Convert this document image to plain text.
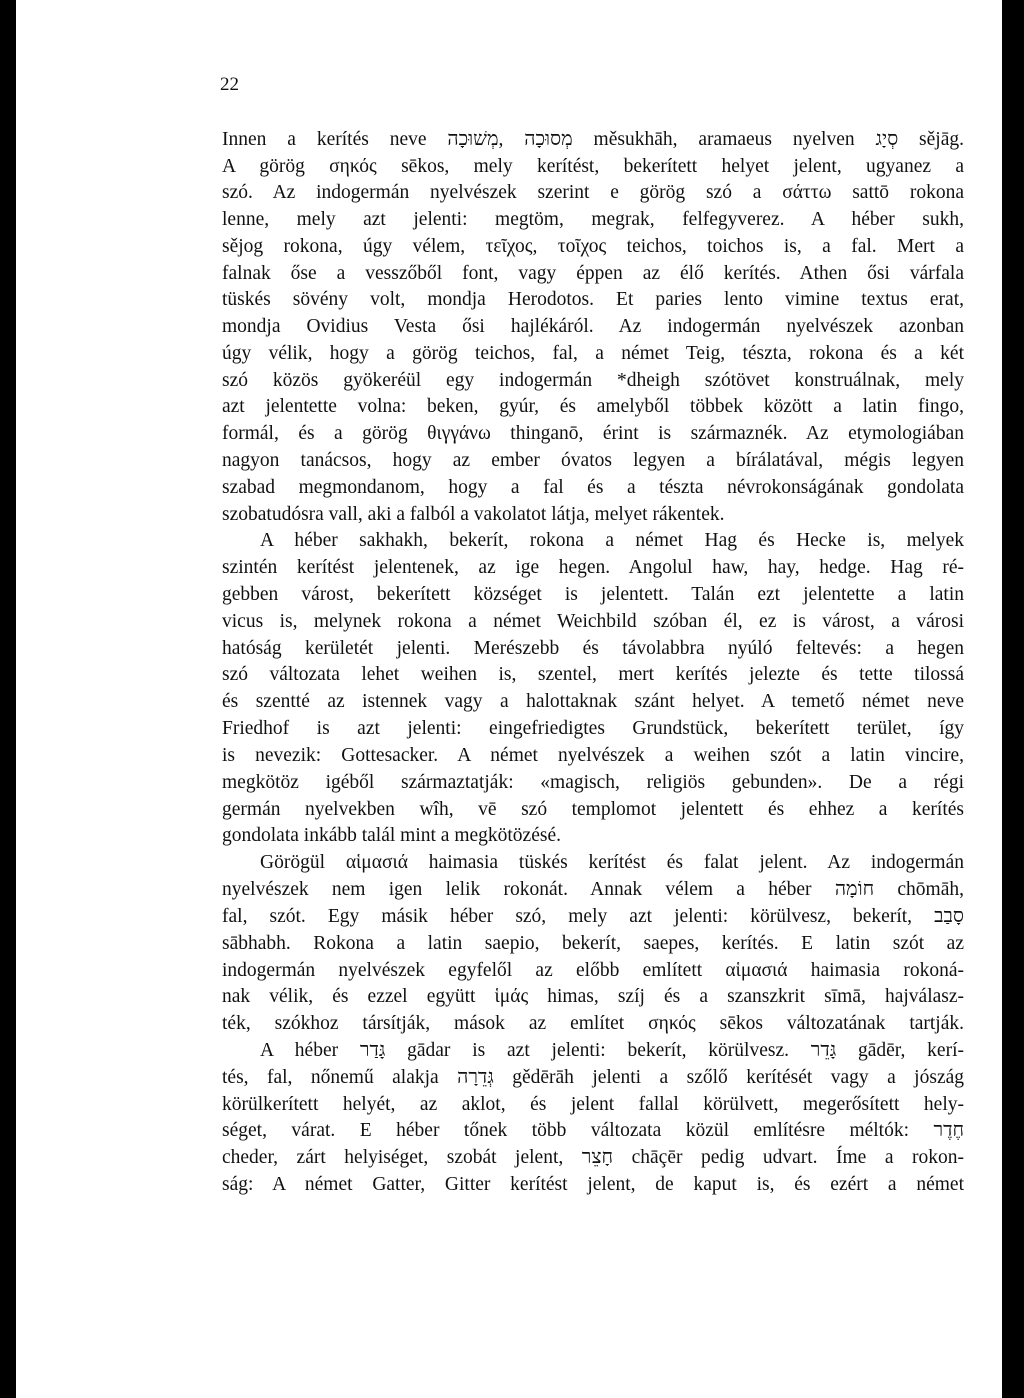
22
Innen a kerítés neve מְסוּכָה ,מְשׁוּכָה měsukhāh, aramaeus nyelven סְיָג sějāg.
A görög σηκός sēkos, mely kerítést, bekerített helyet jelent, ugyanez a
szó. Az indogermán nyelvészek szerint e görög szó a σάττω sattō rokona
lenne, mely azt jelenti: megtöm, megrak, felfegyverez. A héber sukh,
sějog rokona, úgy vélem, τεῖχος, τοῖχος teichos, toichos is, a fal. Mert a
falnak őse a vesszőből font, vagy éppen az élő kerítés. Athen ősi várfala
tüskés sövény volt, mondja Herodotos. Et paries lento vimine textus erat,
mondja Ovidius Vesta ősi hajlékáról. Az indogermán nyelvészek azonban
úgy vélik, hogy a görög teichos, fal, a német Teig, tészta, rokona és a két
szó közös gyökeréül egy indogermán *dheigh szótövet konstruálnak, mely
azt jelentette volna: beken, gyúr, és amelyből többek között a latin fingo,
formál, és a görög θιγγάνω thinganō, érint is származnék. Az etymologiában
nagyon tanácsos, hogy az ember óvatos legyen a bírálatával, mégis legyen
szabad megmondanom, hogy a fal és a tészta névrokonságának gondolata
szobatudósra vall, aki a falból a vakolatot látja, melyet rákentek.
A héber sakhakh, bekerít, rokona a német Hag és Hecke is, melyek
szintén kerítést jelentenek, az ige hegen. Angolul haw, hay, hedge. Hag ré-
gebben várost, bekerített községet is jelentett. Talán ezt jelentette a latin
vicus is, melynek rokona a német Weichbild szóban él, ez is várost, a városi
hatóság kerületét jelenti. Merészebb és távolabbra nyúló feltevés: a hegen
szó változata lehet weihen is, szentel, mert kerítés jelezte és tette tilossá
és szentté az istennek vagy a halottaknak szánt helyet. A temető német neve
Friedhof is azt jelenti: eingefriedigtes Grundstück, bekerített terület, így
is nevezik: Gottesacker. A német nyelvészek a weihen szót a latin vincire,
megkötöz igéből származtatják: «magisch, religiös gebunden». De a régi
germán nyelvekben wîh, vē szó templomot jelentett és ehhez a kerítés
gondolata inkább talál mint a megkötözésé.
Görögül αἱμασιά haimasia tüskés kerítést és falat jelent. Az indogermán
nyelvészek nem igen lelik rokonát. Annak vélem a héber חוֹמָה chōmāh,
fal, szót. Egy másik héber szó, mely azt jelenti: körülvesz, bekerít, סָבַב
sābhabh. Rokona a latin saepio, bekerít, saepes, kerítés. E latin szót az
indogermán nyelvészek egyfelől az előbb említett αἱμασιά haimasia rokoná-
nak vélik, és ezzel együtt ἱμάς himas, szíj és a szanszkrit sīmā, hajválasz-
ték, szókhoz társítják, mások az említet σηκός sēkos változatának tartják.
A héber גָּדַר gādar is azt jelenti: bekerít, körülvesz. גָּדֵר gādēr, kerí-
tés, fal, nőnemű alakja גְּדֵרָה gědērāh jelenti a szőlő kerítését vagy a jószág
körülkerített helyét, az aklot, és jelent fallal körülvett, megerősített hely-
séget, várat. E héber tőnek több változata közül említésre méltók: חֶדֶר
cheder, zárt helyiséget, szobát jelent, חָצֵר chāçēr pedig udvart. Íme a rokon-
ság: A német Gatter, Gitter kerítést jelent, de kaput is, és ezért a német
